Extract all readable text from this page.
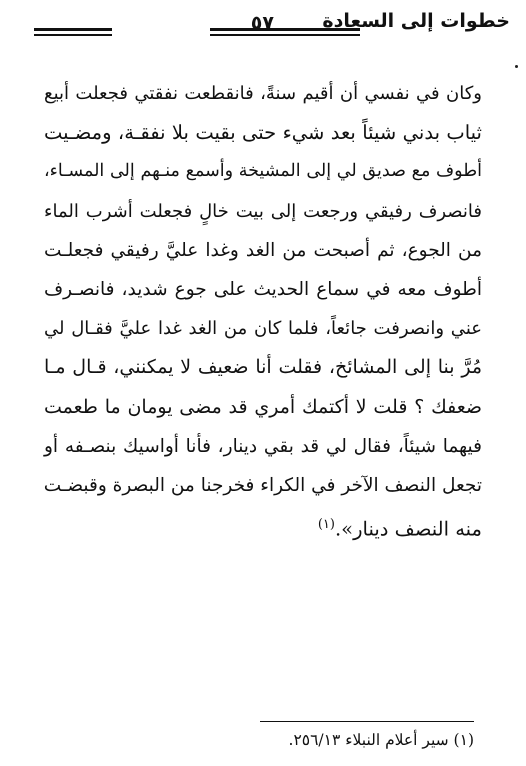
خطوات إلى السعادة
٥٧

وكان في نفسي أن أقيم سنةً، فانقطعت نفقتي فجعلت أبيع
ثياب بدني شيئاً بعد شيء حتى بقيت بلا نفقـة، ومضـيت
أطوف مع صديق لي إلى المشيخة وأسمع منـهم إلى المسـاء،
فانصرف رفيقي ورجعت إلى بيت خالٍ فجعلت أشرب الماء
من الجوع، ثم أصبحت من الغد وغدا عليَّ رفيقي فجعلـت
أطوف معه في سماع الحديث على جوع شديد، فانصـرف
عني وانصرفت جائعاً، فلما كان من الغد غدا عليَّ فقـال لي
مُرَّ بنا إلى المشائخ، فقلت أنا ضعيف لا يمكنني، قـال مـا
ضعفك ؟ قلت لا أكتمك أمري قد مضى يومان ما طعمت
فيهما شيئاً، فقال لي قد بقي دينار، فأنا أواسيك بنصـفه أو
تجعل النصف الآخر في الكراء فخرجنا من البصرة وقبضـت
منه النصف دينار».$^{(١)}$

(١) سير أعلام النبلاء ٢٥٦/١٣.
